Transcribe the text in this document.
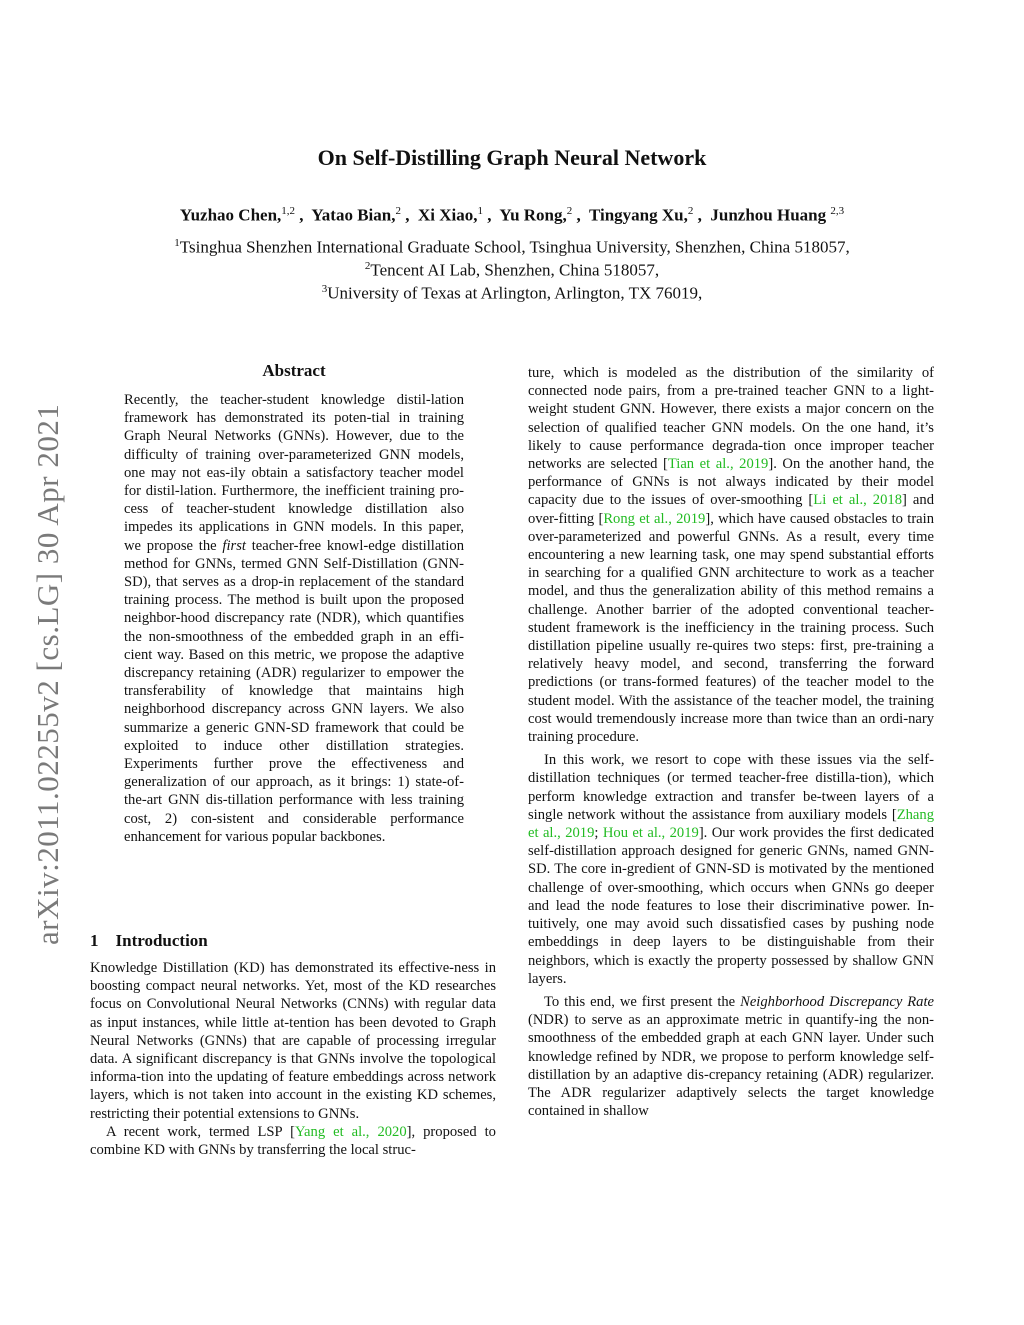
On Self-Distilling Graph Neural Network
Yuzhao Chen,$^{1,2}$ ,  Yatao Bian,$^2$ ,  Xi Xiao,$^1$ ,  Yu Rong,$^2$ ,  Tingyang Xu,$^2$ ,  Junzhou Huang $^{2,3}$
$^1$Tsinghua Shenzhen International Graduate School, Tsinghua University, Shenzhen, China 518057,
$^2$Tencent AI Lab, Shenzhen, China 518057,
$^3$University of Texas at Arlington, Arlington, TX 76019,
arXiv:2011.02255v2 [cs.LG] 30 Apr 2021
Abstract
Recently, the teacher-student knowledge distil-lation framework has demonstrated its poten-tial in training Graph Neural Networks (GNNs). However, due to the difficulty of training over-parameterized GNN models, one may not eas-ily obtain a satisfactory teacher model for distil-lation. Furthermore, the inefficient training pro-cess of teacher-student knowledge distillation also impedes its applications in GNN models. In this paper, we propose the first teacher-free knowl-edge distillation method for GNNs, termed GNN Self-Distillation (GNN-SD), that serves as a drop-in replacement of the standard training process. The method is built upon the proposed neighbor-hood discrepancy rate (NDR), which quantifies the non-smoothness of the embedded graph in an effi-cient way. Based on this metric, we propose the adaptive discrepancy retaining (ADR) regularizer to empower the transferability of knowledge that maintains high neighborhood discrepancy across GNN layers. We also summarize a generic GNN-SD framework that could be exploited to induce other distillation strategies. Experiments further prove the effectiveness and generalization of our approach, as it brings: 1) state-of-the-art GNN dis-tillation performance with less training cost, 2) con-sistent and considerable performance enhancement for various popular backbones.
1    Introduction

Knowledge Distillation (KD) has demonstrated its effective-ness in boosting compact neural networks. Yet, most of the KD researches focus on Convolutional Neural Networks (CNNs) with regular data as input instances, while little at-tention has been devoted to Graph Neural Networks (GNNs) that are capable of processing irregular data. A significant discrepancy is that GNNs involve the topological informa-tion into the updating of feature embeddings across network layers, which is not taken into account in the existing KD schemes, restricting their potential extensions to GNNs.

A recent work, termed LSP [Yang et al., 2020], proposed to combine KD with GNNs by transferring the local struc-

ture, which is modeled as the distribution of the similarity of connected node pairs, from a pre-trained teacher GNN to a light-weight student GNN. However, there exists a major concern on the selection of qualified teacher GNN models. On the one hand, it’s likely to cause performance degrada-tion once improper teacher networks are selected [Tian et al., 2019]. On the another hand, the performance of GNNs is not always indicated by their model capacity due to the issues of over-smoothing [Li et al., 2018] and over-fitting [Rong et al., 2019], which have caused obstacles to train over-parameterized and powerful GNNs. As a result, every time encountering a new learning task, one may spend substantial efforts in searching for a qualified GNN architecture to work as a teacher model, and thus the generalization ability of this method remains a challenge. Another barrier of the adopted conventional teacher-student framework is the inefficiency in the training process. Such distillation pipeline usually re-quires two steps: first, pre-training a relatively heavy model, and second, transferring the forward predictions (or trans-formed features) of the teacher model to the student model. With the assistance of the teacher model, the training cost would tremendously increase more than twice than an ordi-nary training procedure.

In this work, we resort to cope with these issues via the self-distillation techniques (or termed teacher-free distilla-tion), which perform knowledge extraction and transfer be-tween layers of a single network without the assistance from auxiliary models [Zhang et al., 2019; Hou et al., 2019]. Our work provides the first dedicated self-distillation approach designed for generic GNNs, named GNN-SD. The core in-gredient of GNN-SD is motivated by the mentioned challenge of over-smoothing, which occurs when GNNs go deeper and lead the node features to lose their discriminative power. In-tuitively, one may avoid such dissatisfied cases by pushing node embeddings in deep layers to be distinguishable from their neighbors, which is exactly the property possessed by shallow GNN layers.

To this end, we first present the Neighborhood Discrepancy Rate (NDR) to serve as an approximate metric in quantify-ing the non-smoothness of the embedded graph at each GNN layer. Under such knowledge refined by NDR, we propose to perform knowledge self-distillation by an adaptive dis-crepancy retaining (ADR) regularizer. The ADR regularizer adaptively selects the target knowledge contained in shallow
